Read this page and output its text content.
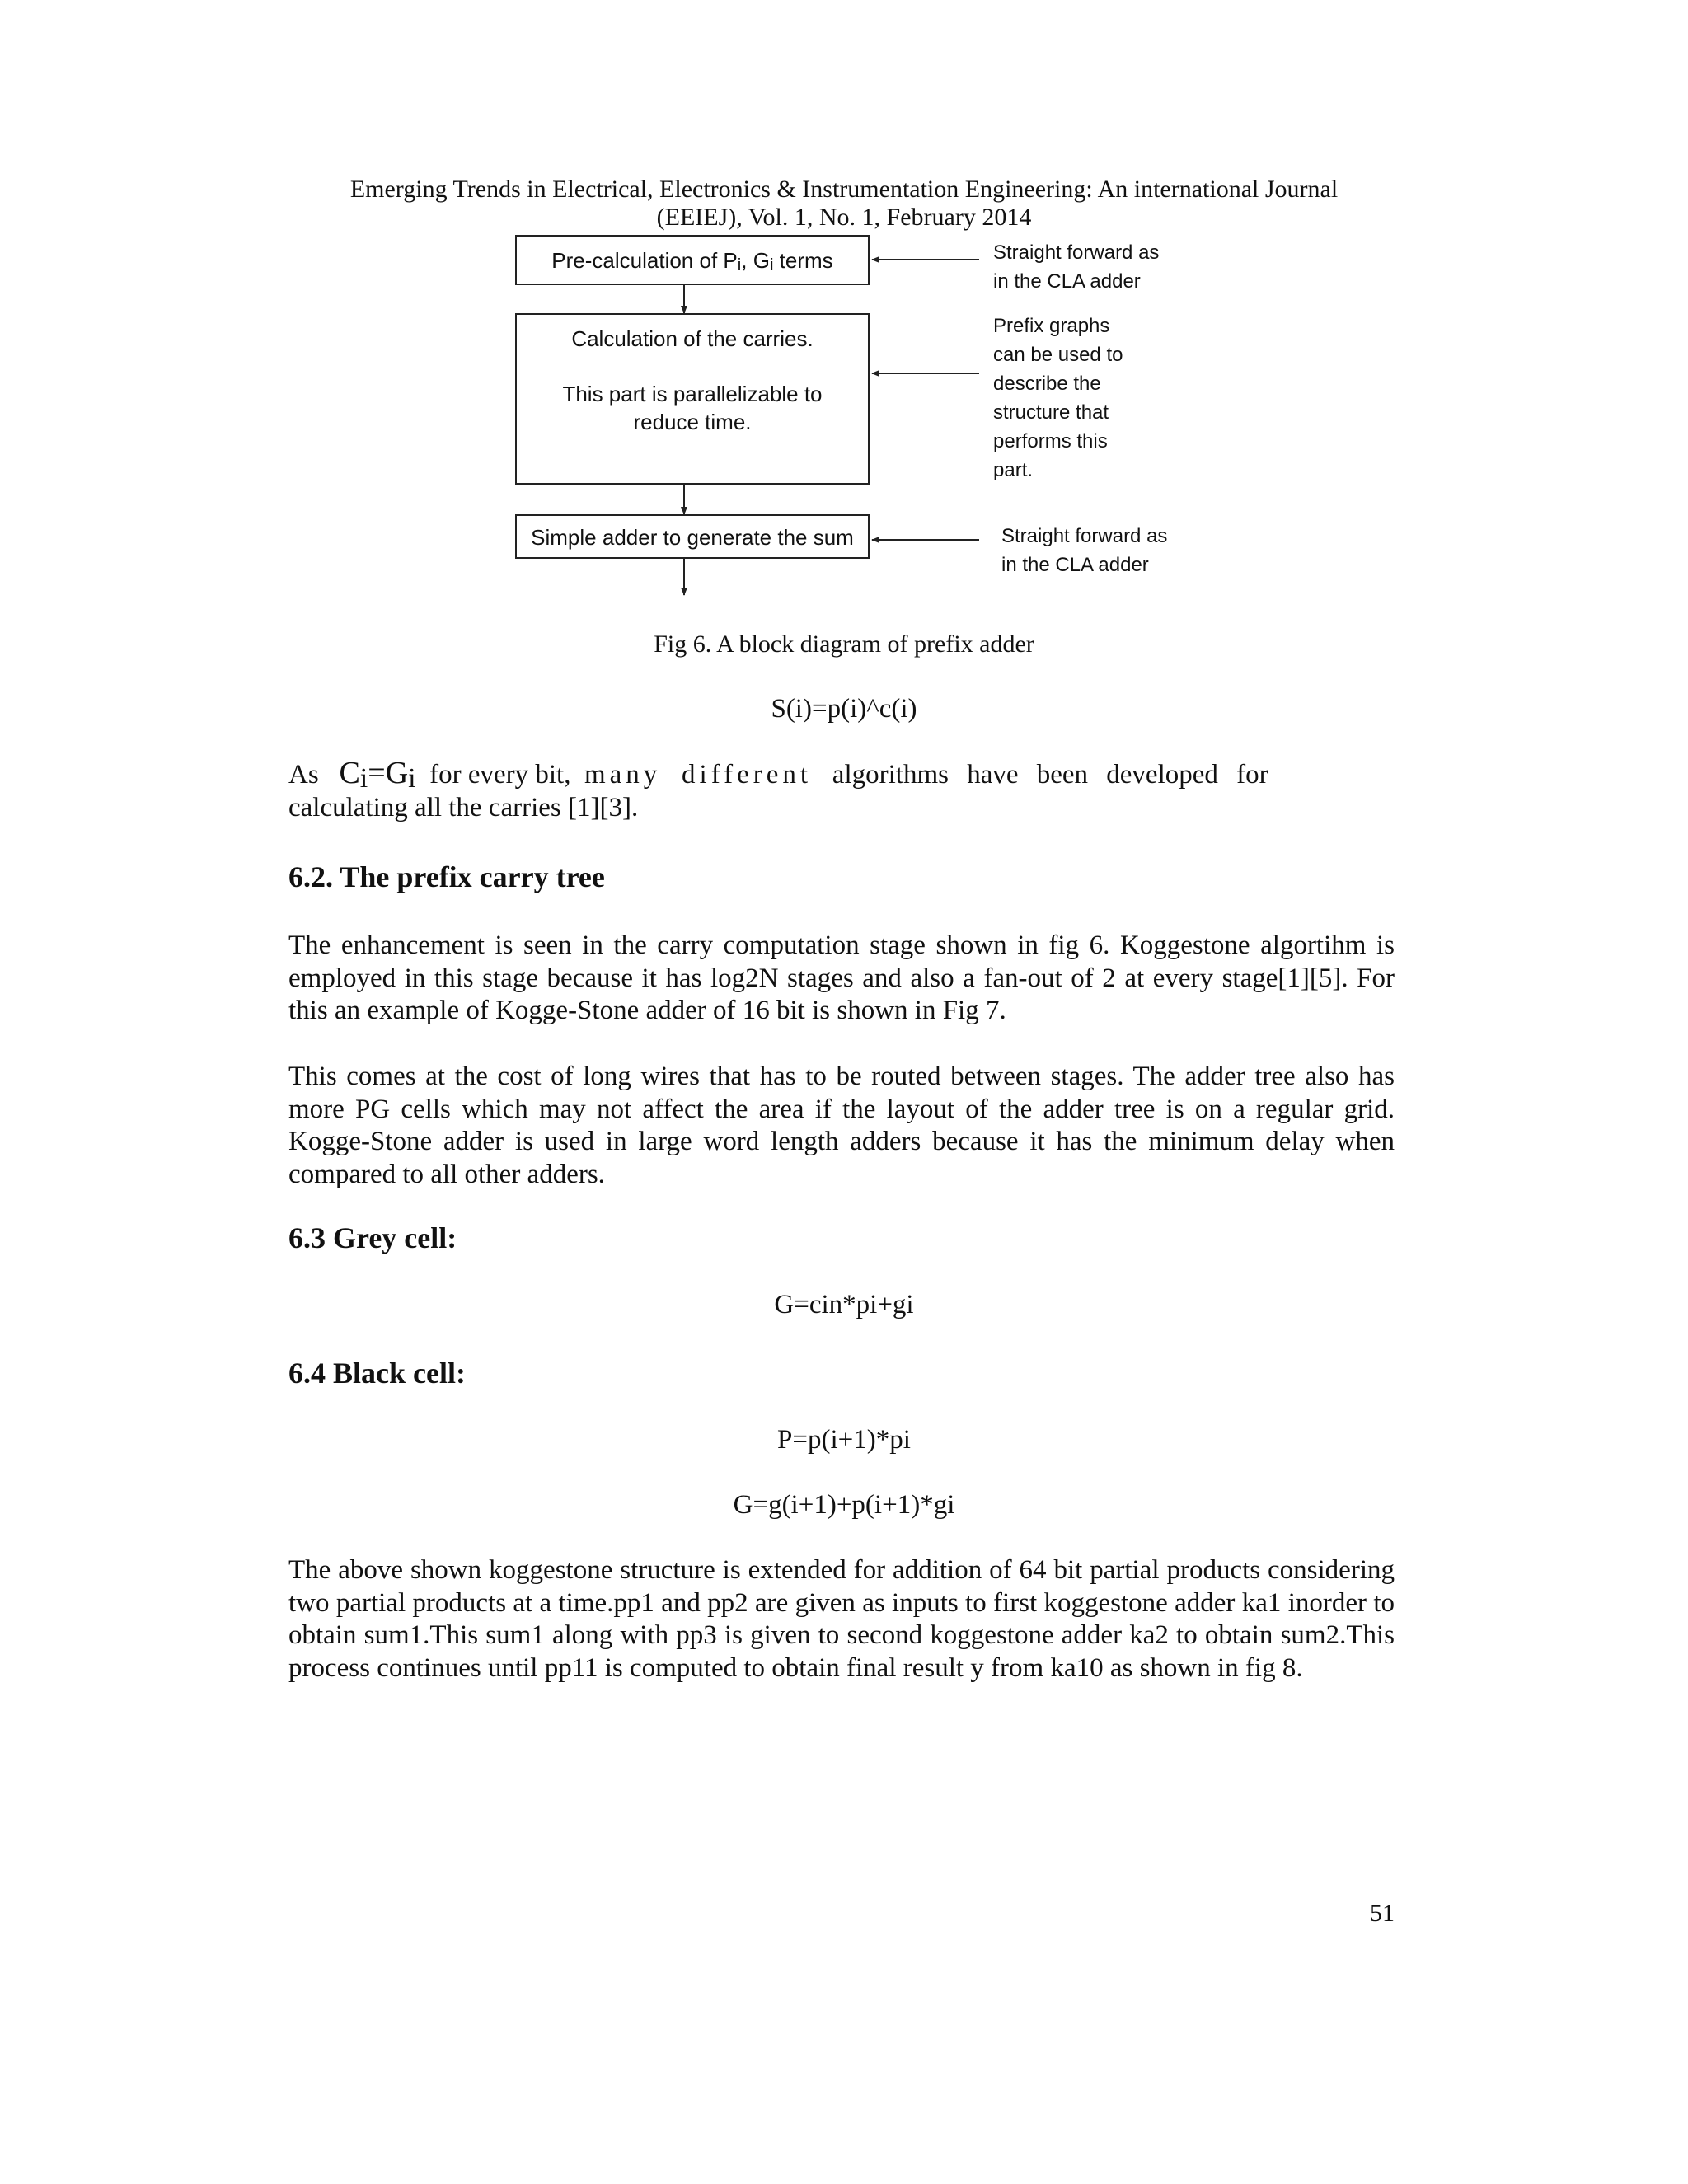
Emerging Trends in Electrical, Electronics & Instrumentation Engineering: An international Journal
(EEIEJ), Vol. 1, No. 1, February 2014
Pre-calculation of Pi, Gi terms
Calculation of the carries.
This part is parallelizable to
reduce time.
Simple adder to generate the sum
Straight forward as
in the CLA adder
Prefix graphs
can be used to
describe the
structure that
performs this
part.
Straight forward as
in the CLA adder
Fig 6. A block diagram of prefix adder
S(i)=p(i)^c(i)
As Ci=Gi for every bit, many different algorithms have been developed for
calculating all the carries [1][3].
6.2. The prefix carry tree

The enhancement is seen in the carry computation stage shown in fig 6. Koggestone algortihm is employed in this stage because it has log2N stages and also a fan-out of 2 at every stage[1][5]. For this an example of Kogge-Stone adder of 16 bit is shown in Fig 7.

This comes at the cost of long wires that has to be routed between stages. The adder tree also has more PG cells which may not affect the area if the layout of the adder tree is on a regular grid. Kogge-Stone adder is used in large word length adders because it has the minimum delay when compared to all other adders.

6.3 Grey cell:
G=cin*pi+gi
6.4 Black cell:
P=p(i+1)*pi
G=g(i+1)+p(i+1)*gi

The above shown koggestone structure is extended for addition of 64 bit partial products considering two partial products at a time.pp1 and pp2 are given as inputs to first koggestone adder ka1 inorder to obtain sum1.This sum1 along with pp3 is given to second koggestone adder ka2 to obtain sum2.This process continues until pp11 is computed to obtain final result y from ka10 as shown in fig 8.

51
